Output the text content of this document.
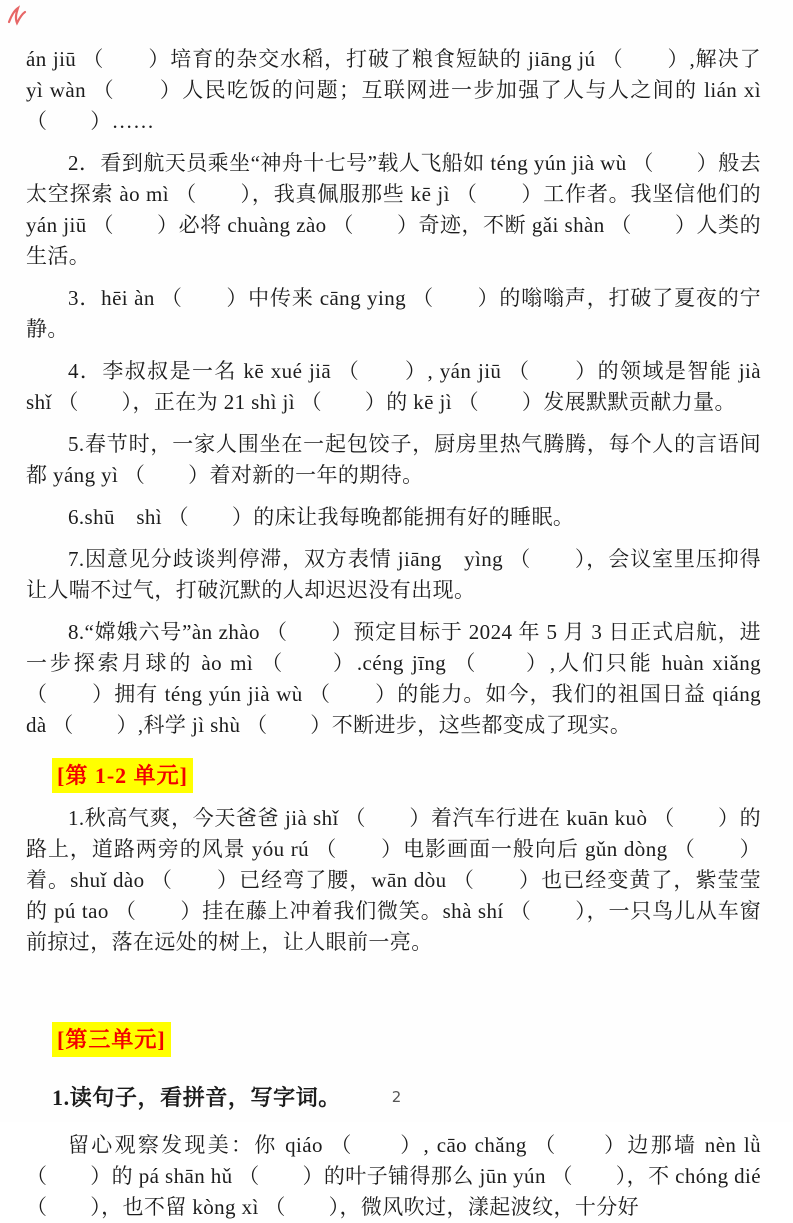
án jiū （　　）培育的杂交水稻，打破了粮食短缺的 jiāng jú （　　）,解决了 yì wàn （　　）人民吃饭的问题；互联网进一步加强了人与人之间的 lián xì （　　）……

2．看到航天员乘坐“神舟十七号”载人飞船如 téng yún jià wù （　　）般去太空探索 ào mì （　　），我真佩服那些 kē jì （　　）工作者。我坚信他们的 yán jiū （　　）必将 chuàng zào （　　）奇迹，不断 gǎi shàn （　　）人类的生活。

3．hēi àn （　　）中传来 cāng ying （　　）的嗡嗡声，打破了夏夜的宁静。

4．李叔叔是一名 kē xué jiā （　　）, yán jiū （　　）的领域是智能 jià shǐ （　　），正在为 21 shì jì （　　）的 kē jì （　　）发展默默贡献力量。

5.春节时，一家人围坐在一起包饺子，厨房里热气腾腾，每个人的言语间都 yáng yì （　　）着对新的一年的期待。

6.shū　shì （　　）的床让我每晚都能拥有好的睡眠。

7.因意见分歧谈判停滞，双方表情 jiāng　yìng （　　），会议室里压抑得让人喘不过气，打破沉默的人却迟迟没有出现。

8.“嫦娥六号”àn zhào （　　）预定目标于 2024 年 5 月 3 日正式启航，进一步探索月球的 ào mì （　　）.céng jīng （　　）,人们只能 huàn xiǎng （　　）拥有 téng yún jià wù （　　）的能力。如今，我们的祖国日益 qiáng dà （　　）,科学 jì shù （　　）不断进步，这些都变成了现实。

[第 1-2 单元]

1.秋高气爽，今天爸爸 jià shǐ （　　）着汽车行进在 kuān kuò （　　）的路上，道路两旁的风景 yóu rú （　　）电影画面一般向后 gǔn dòng （　　）着。shuǐ dào （　　）已经弯了腰，wān dòu （　　）也已经变黄了，紫莹莹的 pú tao （　　）挂在藤上冲着我们微笑。shà shí （　　），一只鸟儿从车窗前掠过，落在远处的树上，让人眼前一亮。

[第三单元]
1.读句子，看拼音，写字词。

留心观察发现美：你 qiáo （　　）, cāo chǎng （　　）边那墙 nèn lǜ （　　）的 pá shān hǔ （　　）的叶子铺得那么 jūn yún （　　），不 chóng dié （　　），也不留 kòng xì （　　），微风吹过，漾起波纹，十分好

2
